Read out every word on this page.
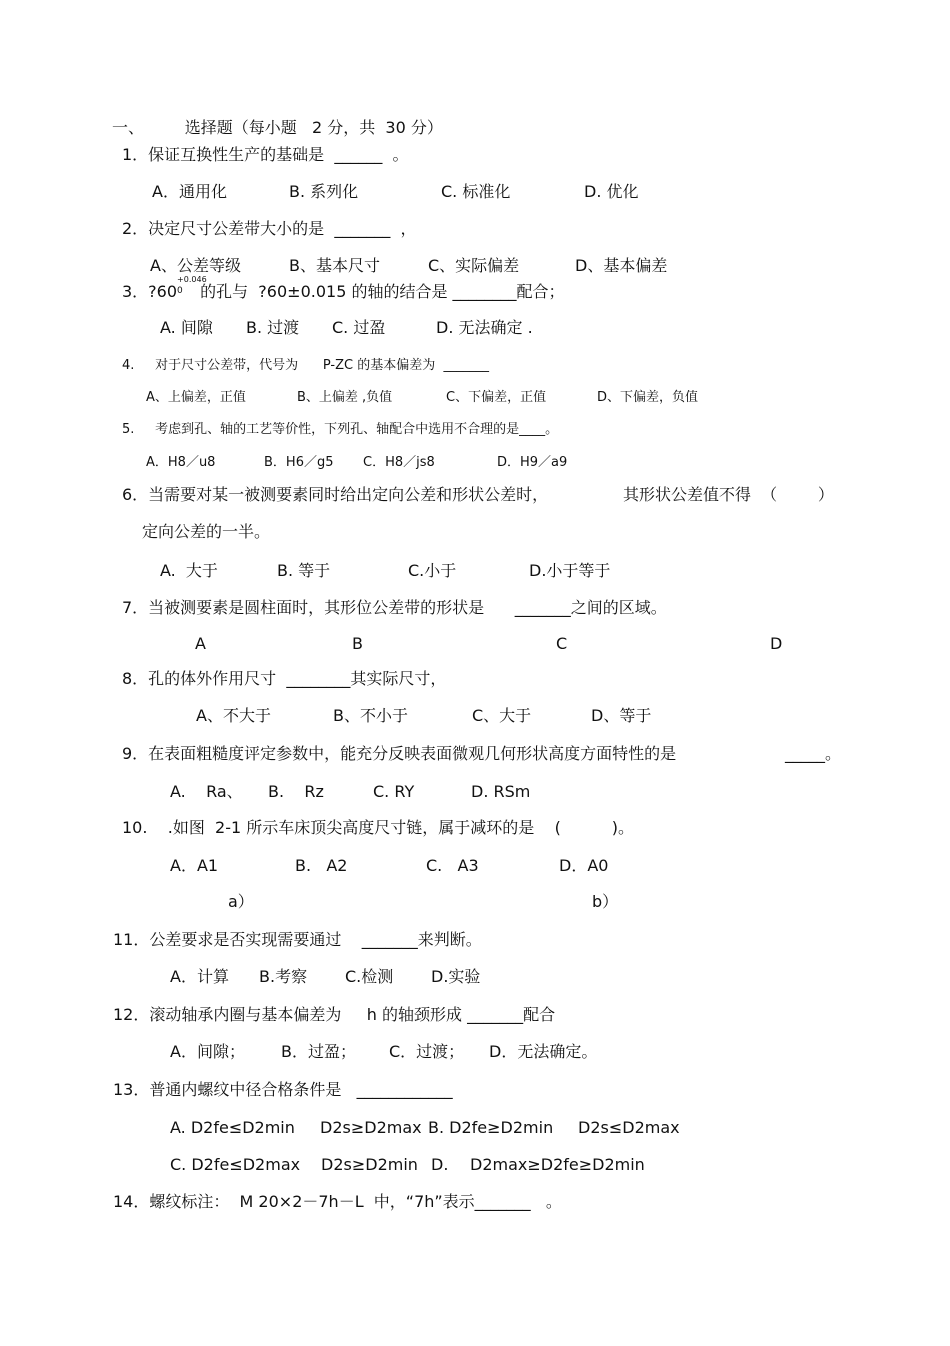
一、        选择题（每小题   2 分，共  30 分）
1．保证互换性生产的基础是  ______  。
A．通用化	B. 系列化	C. 标准化	D. 优化
2．决定尺寸公差带大小的是  _______  ，
A、公差等级	B、基本尺寸	C、实际偏差	D、基本偏差
3．?60
+0.046
0 的孔与  ?60±0.015 的轴的结合是 ________配合；
A. 间隙 B. 过渡 C. 过盈	D. 无法确定 .
4.     对于尺寸公差带，代号为      P-ZC 的基本偏差为  _______
A、上偏差，正值	B、上偏差 ,负值	C、下偏差，正值	D、下偏差，负值
5.     考虑到孔、轴的工艺等价性，下列孔、轴配合中选用不合理的是____。
A．H8／u8	B．H6／g5 C．H8／js8	D．H9／a9
6．当需要对某一被测要素同时给出定向公差和形状公差时，	其形状公差值不得  （        ）
定向公差的一半。
A.  大于	B. 等于	C.小于	D.小于等于
7．当被测要素是圆柱面时，其形位公差带的形状是      _______之间的区域。
A	B	C	D
8．孔的体外作用尺寸  ________其实际尺寸，
A、不大于	B、不小于	C、大于	D、等于
9．在表面粗糙度评定参数中，能充分反映表面微观几何形状高度方面特性的是	_____。
A.    Ra、 B.    Rz	C. RY	D. RSm
10.    .如图  2-1 所示车床顶尖高度尺寸链，属于减环的是    (          )。
A．A1	B.   A2	C.   A3	D．A0
a）	b）
11．公差要求是否实现需要通过    _______来判断。
A．计算 B.考察 C.检测 D.实验
12．滚动轴承内圈与基本偏差为     h 的轴颈形成 _______配合
A．间隙； B．过盈； C．过渡； D．无法确定。
13．普通内螺纹中径合格条件是   ____________
A. D2fe≤D2min D2s≥D2max B. D2fe≥D2min D2s≤D2max
C. D2fe≤D2max D2s≥D2min D. D2max≥D2fe≥D2min
14．螺纹标注：  M 20×2－7h－L  中，“7h”表示_______   。
